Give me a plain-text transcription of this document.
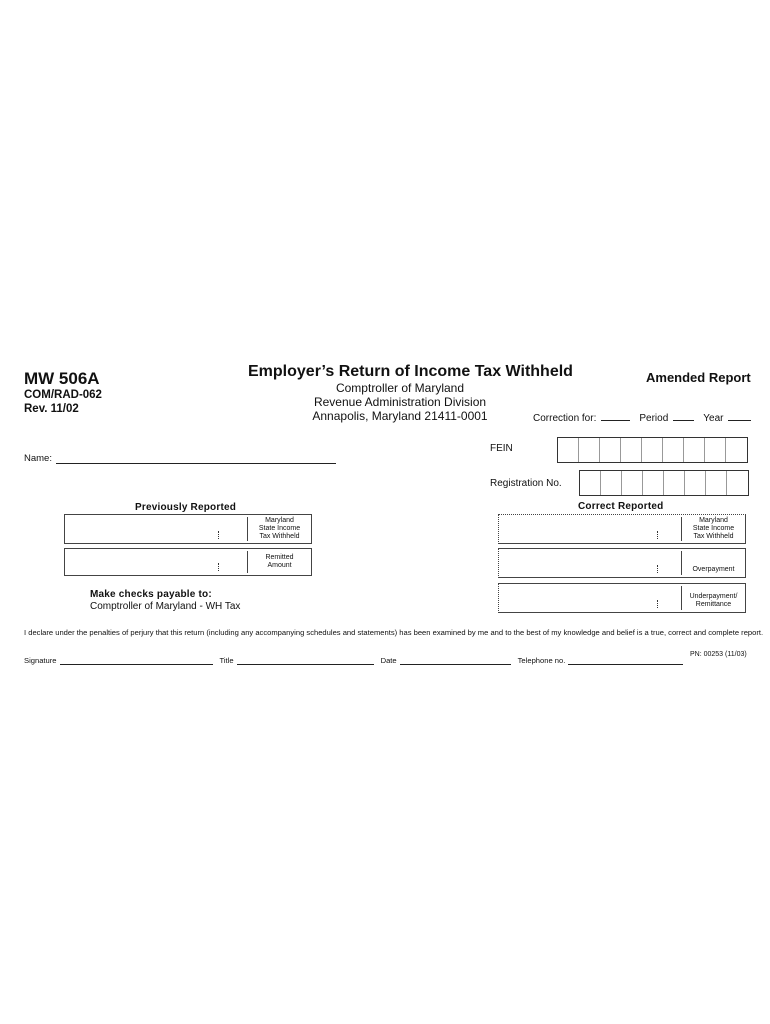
MW 506A
COM/RAD-062
Rev. 11/02
Employer’s Return of Income Tax Withheld
Comptroller of Maryland
Revenue Administration Division
Annapolis, Maryland 21411-0001
Amended Report
Correction for:	Period	Year
Name:
FEIN
Registration No.
Previously Reported
Maryland
State Income
Tax Withheld
Remitted
Amount
Correct Reported
Maryland
State Income
Tax Withheld
Overpayment
Underpayment/
Remittance
Make checks payable to:
Comptroller of Maryland - WH Tax
I declare under the penalties of perjury that this return (including any accompanying schedules and statements) has been examined by me and to the best of my knowledge and belief is a true, correct and complete report.
PN: 00253 (11/03)
Signature	Title	Date	Telephone no.
